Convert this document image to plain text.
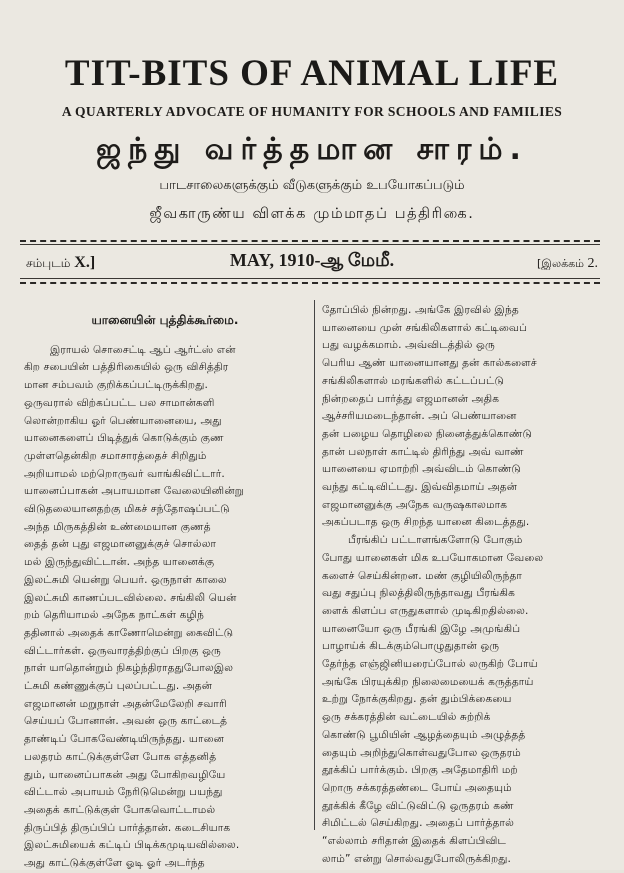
TIT-BITS OF ANIMAL LIFE
A QUARTERLY ADVOCATE OF HUMANITY FOR SCHOOLS AND FAMILIES
ஜந்து வர்த்தமான சாரம்.
பாடசாலைகளுக்கும் வீடுகளுக்கும் உபயோகப்படும்
ஜீவகாருண்ய விளக்க மும்மாதப் பத்திரிகை.
சம்புடம் X.]	MAY, 1910-ஆ மேமீ.	[இலக்கம் 2.
யானையின் புத்திக்கூர்மை.
இராயல் சொசைட்டி ஆப் ஆர்ட்ஸ் என்
கிற சபையின் பத்திரிகையில் ஒரு விசித்திர
மான சம்பவம் குறிக்கப்பட்டிருக்கிறது.
ஒருவரால் விற்கப்பட்ட பல சாமான்களி
லொன்றாகிய ஓர் பெண்யானையை, அது
யானைகளைப் பிடித்துக் கொடுக்கும் குண
முள்ளதென்கிற சமாசாரத்தைச் சிறிதும்
அறியாமல் மற்றொருவர் வாங்கிவிட்டார்.
யானைப்பாகன் அபாயமான வேலையினின்று
விடுதலையானதற்கு மிகச் சந்தோஷப்பட்டு
அந்த மிருகத்தின் உண்மையான குணத்
தைத் தன் புது எஜமானனுக்குச் சொல்லா
மல் இருந்துவிட்டான். அந்த யானைக்கு
இலட்சுமி யென்று பெயர். ஒருநாள் காலை
இலட்சுமி காணப்படவில்லை. சங்கிலி யென்
றம் தெரியாமல் அநேக நாட்கள் கழிந்
ததினால் அதைக் காணோமென்று கைவிட்டு
விட்டார்கள். ஒருவாரத்திற்குப் பிறகு ஒரு
நாள் யாதொன்றும் நிகழ்ந்திராததுபோலஇல
ட்சுமி கண்ணுக்குப் புலப்பட்டது. அதன்
எஜமானன் மறுநாள் அதன்மேலேறி சவாரி
செய்யப் போனான். அவன் ஒரு காட்டைத்
தாண்டிப் போகவேண்டியிருந்தது. யானை
பலதரம் காட்டுக்குள்ளே போக எத்தனித்
தும், யானைப்பாகன் அது போகிறவழியே
விட்டால் அபாயம் நேரிடுமென்று பயந்து
அதைக் காட்டுக்குள் போகவொட்டாமல்
திருப்பித் திருப்பிப் பார்த்தான். கடைசியாக
இலட்சுமியைக் கட்டிப் பிடிக்கமுடியவில்லை.
அது காட்டுக்குள்ளே ஓடி ஓர் அடர்ந்த
தோப்பில் நின்றது. அங்கே இரவில் இந்த
யானையை முன் சங்கிலிகளால் கட்டிவைப்
பது வழக்கமாம். அவ்விடத்தில் ஒரு
பெரிய ஆண் யானையானது தன் கால்களைச்
சங்கிலிகளால் மரங்களில் கட்டப்பட்டு
நின்றதைப் பார்த்து எஜமானன் அதிக
ஆச்சரியமடைந்தான். அப் பெண்யானை
தன் பழைய தொழிலை நினைத்துக்கொண்டு
தான் பலநாள் காட்டில் திரிந்து அவ் வாண்
யானையை ஏமாற்றி அவ்விடம் கொண்டு
வந்து கட்டிவிட்டது. இவ்விதமாய் அதன்
எஜமானனுக்கு அநேக வருஷகாலமாக
அகப்படாத ஒரு சிறந்த யானை கிடைத்தது.
பீரங்கிப் பட்டாளங்களோடு போகும்
போது யானைகள் மிக உபயோகமான வேலை
களைச் செய்கின்றன. மண் குழியிலிருந்தா
வது சதுப்பு நிலத்திலிருந்தாவது பீரங்கிக
ளைக் கிளப்ப எருதுகளால் முடிகிறதில்லை.
யானையோ ஒரு பீரங்கி இழே அமுங்கிப்
பாழாய்க் கிடக்கும்பொழுதுதான் ஒரு
தேர்ந்த எஞ்ஜினியரைப்போல் லருகிற் போய்
அங்கே பிரயுக்கிற நிலைமையைக் கருத்தாய்
உற்று நோக்குகிறது. தன் தும்பிக்கையை
ஒரு சக்கரத்தின் வட்டையில் சுற்றிக்
கொண்டு பூமியின் ஆழத்தையும் அழுத்தத்
தையும் அறிந்துகொள்வதுபோல ஒருதரம்
தூக்கிப் பார்க்கும். பிறகு அதேமாதிரி மற்
றொரு சக்கரத்தண்டை போய் அதையும்
தூக்கிக் கீழே விட்டுவிட்டு ஒருதரம் கண்
சிமிட்டல் செய்கிறது. அதைப் பார்த்தால்
“எல்லாம் சரிதான் இதைக் கிளப்பிவிட
லாம்” என்று சொல்வதுபோலிருக்கிறது.
